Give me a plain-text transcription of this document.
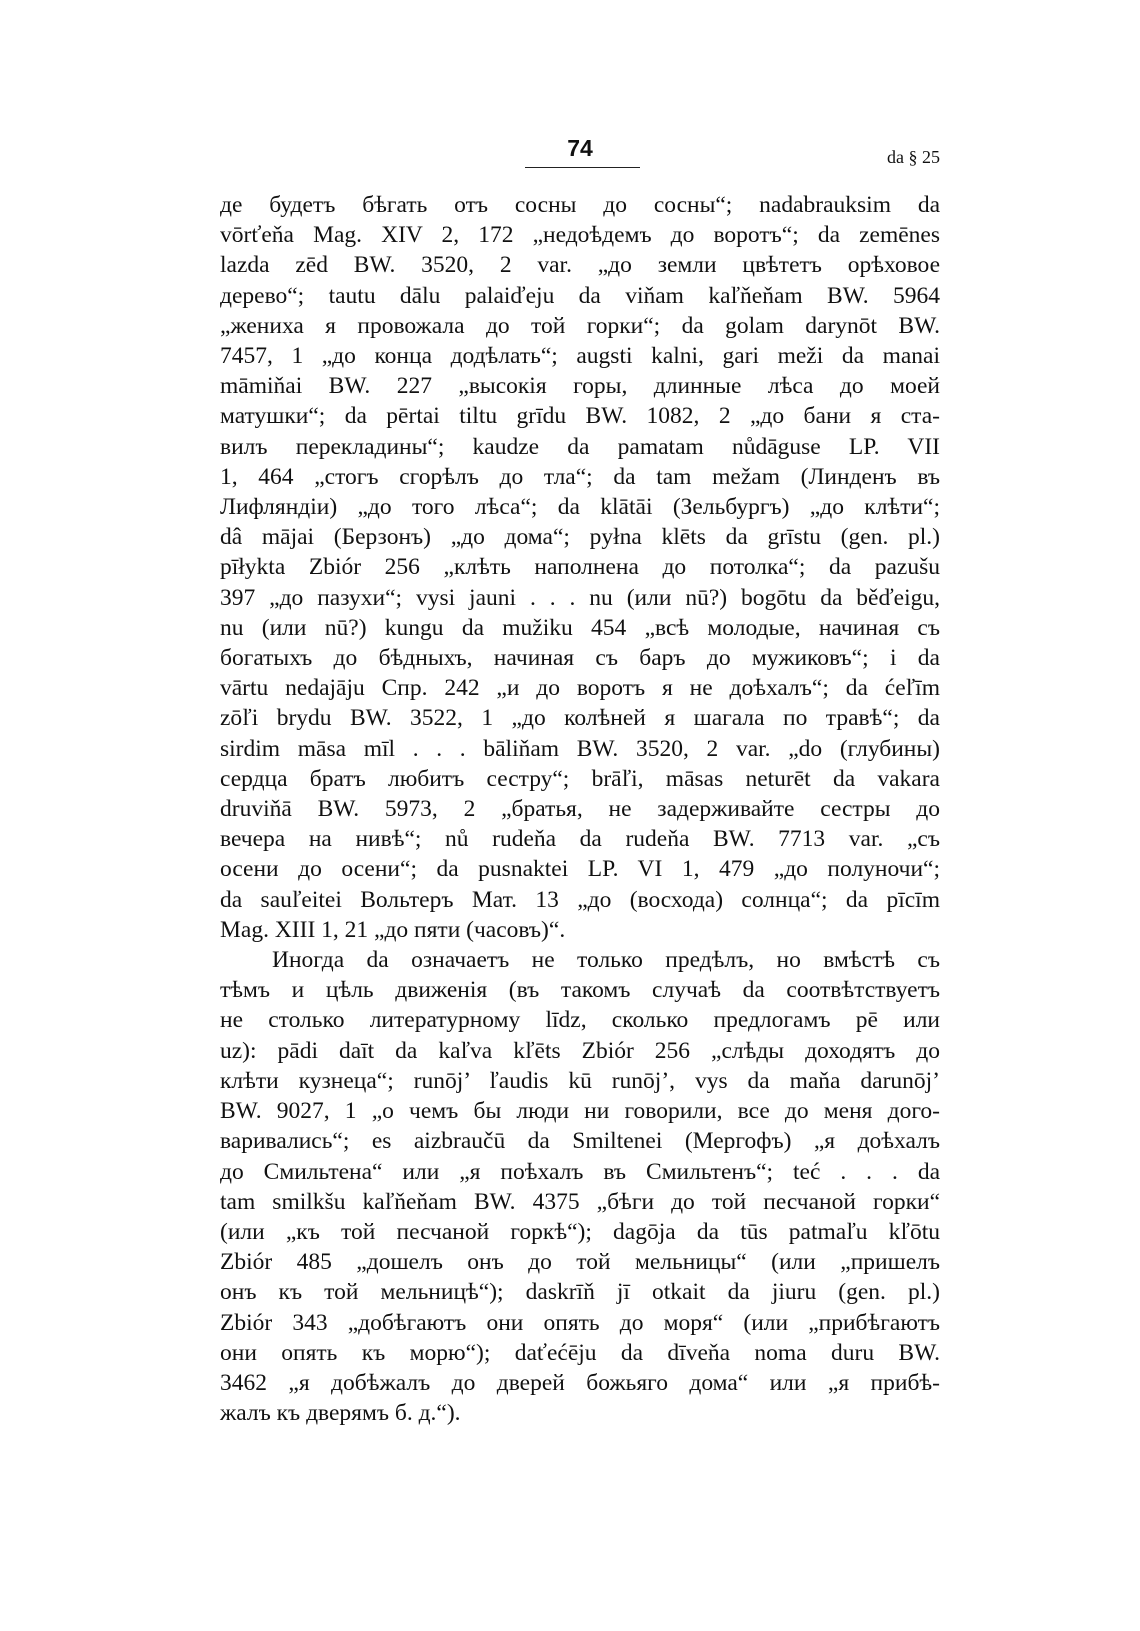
74	da § 25
де будетъ бѣгать отъ сосны до сосны“; nadabrauksim da
vōrťeňa Mag. XIV 2, 172 „недоѣдемъ до воротъ“; da zemēnes
lazda zēd BW. 3520, 2 var. „до земли цвѣтетъ орѣховое
дерево“; tautu dālu palaiďeju da viňam kaľňeňam BW. 5964
„жениха я провожала до той горки“; da golam darynōt BW.
7457, 1 „до конца додѣлать“; augsti kalni, gari meži da manai
māmiňai BW. 227 „высокія горы, длинные лѣса до моей
матушки“; da pērtai tiltu grīdu BW. 1082, 2 „до бани я ста-
вилъ перекладины“; kaudze da pamatam nůdāguse LP. VII
1, 464 „стогъ сгорѣлъ до тла“; da tam mežam (Линденъ въ
Лифляндіи) „до того лѣса“; da klātāi (Зельбургъ) „до клѣти“;
dâ mājai (Берзонъ) „до дома“; pyłna klēts da grīstu (gen. pl.)
pīłykta Zbiór 256 „клѣть наполнена до потолка“; da pazušu
397 „до пазухи“; vysi jauni . . . nu (или nū?) bogōtu da běďeigu,
nu (или nū?) kungu da mužiku 454 „всѣ молодые, начиная съ
богатыхъ до бѣдныхъ, начиная съ баръ до мужиковъ“; i da
vārtu nedajāju Спр. 242 „и до воротъ я не доѣхалъ“; da ćeľīm
zōľi brydu BW. 3522, 1 „до колѣней я шагала по травѣ“; da
sirdim māsa mīl . . . bāliňam BW. 3520, 2 var. „do (глубины)
сердца братъ любитъ сестру“; brāľi, māsas neturēt da vakara
druviňā BW. 5973, 2 „братья, не задерживайте сестры до
вечера на нивѣ“; nů rudeňa da rudeňa BW. 7713 var. „съ
осени до осени“; da pusnaktei LP. VI 1, 479 „до полуночи“;
da sauľeitei Вольтеръ Мат. 13 „до (восхода) солнца“; da pīcīm
Mag. XIII 1, 21 „до пяти (часовъ)“.
Иногда da означаетъ не только предѣлъ, но вмѣстѣ съ
тѣмъ и цѣль движенія (въ такомъ случаѣ da соотвѣтствуетъ
не столько литературному līdz, сколько предлогамъ pē или
uz): pādi daīt da kaľva kľēts Zbiór 256 „слѣды доходятъ до
клѣти кузнеца“; runōj’ ľaudis kū runōj’, vys da maňa darunōj’
BW. 9027, 1 „о чемъ бы люди ни говорили, все до меня дого-
варивались“; es aizbraučū da Smiltenei (Мергофъ) „я доѣхалъ
до Смильтена“ или „я поѣхалъ въ Смильтенъ“; teć . . . da
tam smilkšu kaľňeňam BW. 4375 „бѣги до той песчаной горки“
(или „къ той песчаной горкѣ“); dagōja da tūs patmaľu kľōtu
Zbiór 485 „дошелъ онъ до той мельницы“ (или „пришелъ
онъ къ той мельницѣ“); daskrīň jī otkait da jiuru (gen. pl.)
Zbiór 343 „добѣгаютъ они опять до моря“ (или „прибѣгаютъ
они опять къ морю“); daťećēju da dīveňa noma duru BW.
3462 „я добѣжалъ до дверей божьяго дома“ или „я прибѣ-
жалъ къ дверямъ б. д.“).
